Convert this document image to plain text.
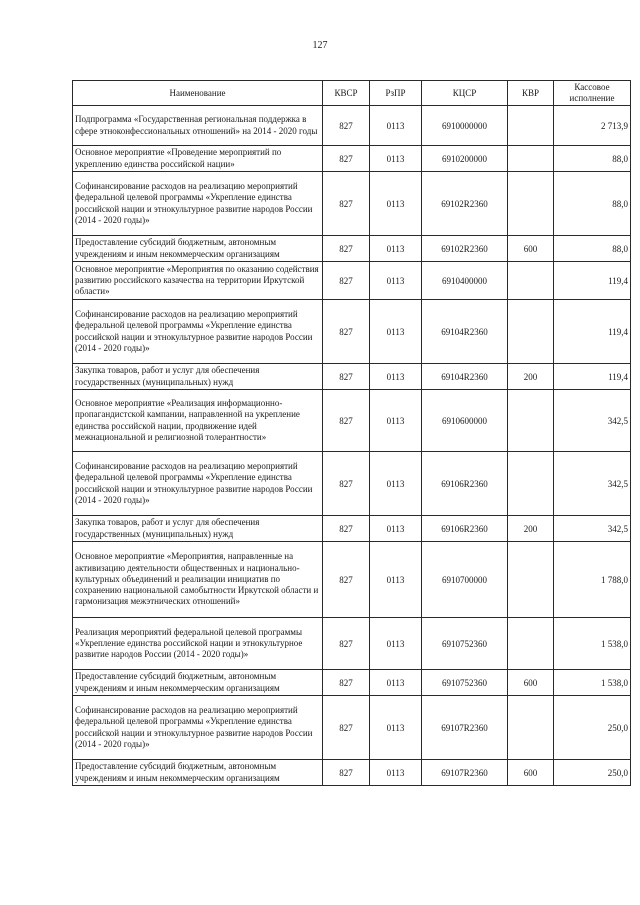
127
Наименование	КВСР	РзПР	КЦСР	КВР	Кассовое исполнение
Подпрограмма «Государственная региональная поддержка в сфере этноконфессиональных отношений» на 2014 - 2020 годы	827	0113	6910000000		2 713,9
Основное мероприятие «Проведение мероприятий по укреплению единства российской нации»	827	0113	6910200000		88,0
Софинансирование расходов на реализацию мероприятий федеральной целевой программы «Укрепление единства российской нации и этнокультурное развитие народов России (2014 - 2020 годы)»	827	0113	69102R2360		88,0
Предоставление субсидий бюджетным, автономным учреждениям и иным некоммерческим организациям	827	0113	69102R2360	600	88,0
Основное мероприятие «Мероприятия по оказанию содействия развитию российского казачества на территории Иркутской области»	827	0113	6910400000		119,4
Софинансирование расходов на реализацию мероприятий федеральной целевой программы «Укрепление единства российской нации и этнокультурное развитие народов России (2014 - 2020 годы)»	827	0113	69104R2360		119,4
Закупка товаров, работ и услуг для обеспечения государственных (муниципальных) нужд	827	0113	69104R2360	200	119,4
Основное мероприятие «Реализация информационно-пропагандистской кампании, направленной на укрепление единства российской нации, продвижение идей межнациональной и религиозной толерантности»	827	0113	6910600000		342,5
Софинансирование расходов на реализацию мероприятий федеральной целевой программы «Укрепление единства российской нации и этнокультурное развитие народов России (2014 - 2020 годы)»	827	0113	69106R2360		342,5
Закупка товаров, работ и услуг для обеспечения государственных (муниципальных) нужд	827	0113	69106R2360	200	342,5
Основное мероприятие «Мероприятия, направленные на активизацию деятельности общественных и национально-культурных объединений и реализации инициатив по сохранению национальной самобытности Иркутской области и гармонизация межэтнических отношений»	827	0113	6910700000		1 788,0
Реализация мероприятий федеральной целевой программы «Укрепление единства российской нации и этнокультурное развитие народов России (2014 - 2020 годы)»	827	0113	6910752360		1 538,0
Предоставление субсидий бюджетным, автономным учреждениям и иным некоммерческим организациям	827	0113	6910752360	600	1 538,0
Софинансирование расходов на реализацию мероприятий федеральной целевой программы «Укрепление единства российской нации и этнокультурное развитие народов России (2014 - 2020 годы)»	827	0113	69107R2360		250,0
Предоставление субсидий бюджетным, автономным учреждениям и иным некоммерческим организациям	827	0113	69107R2360	600	250,0
